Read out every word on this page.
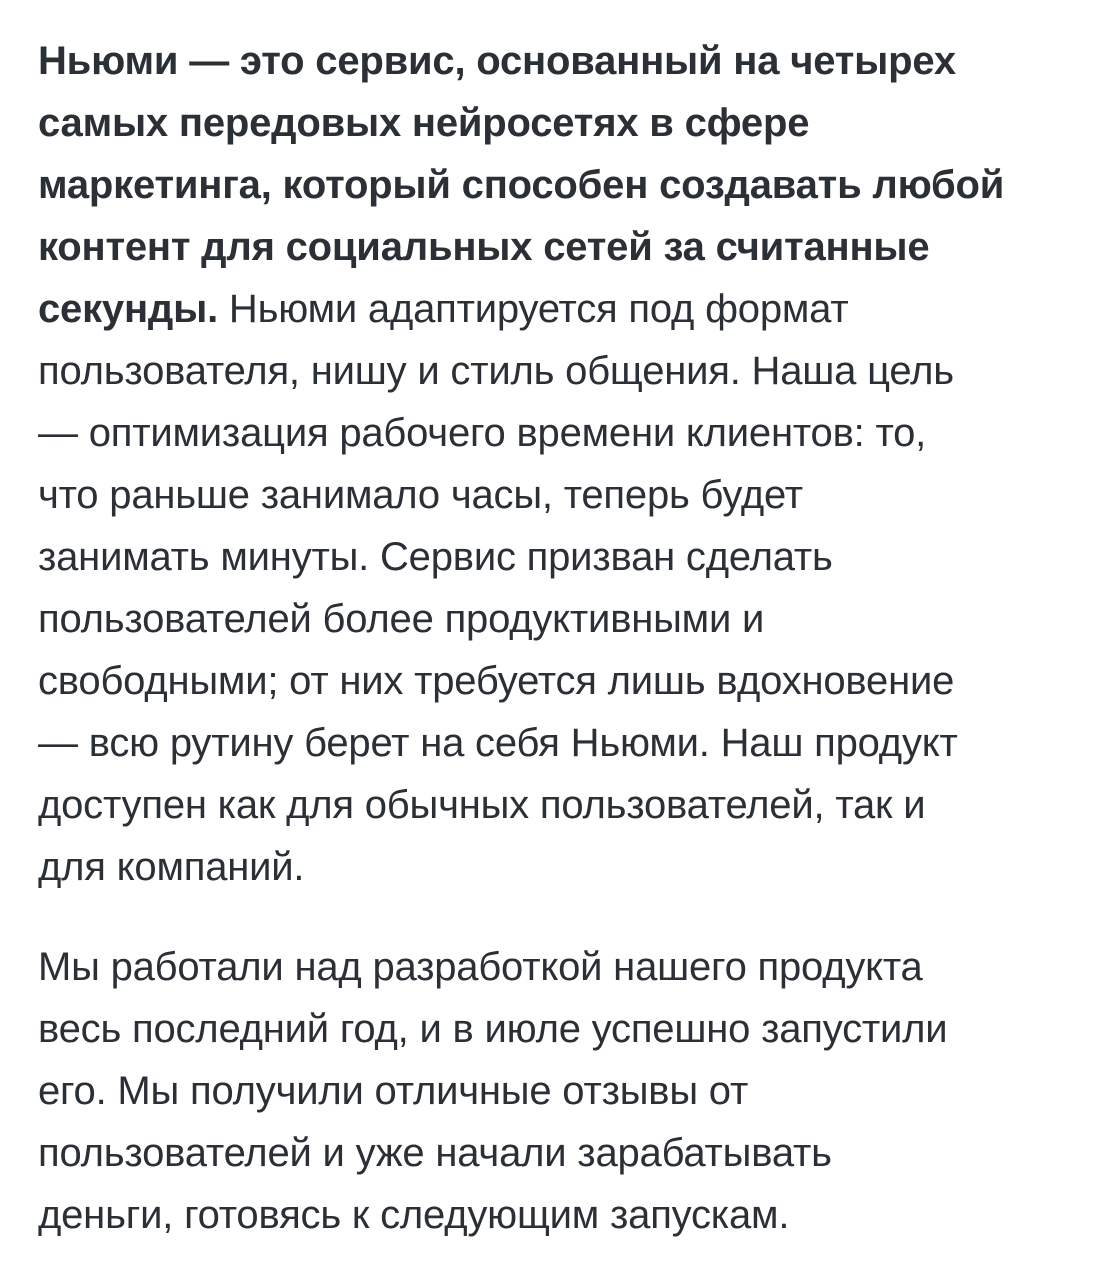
Ньюми — это сервис, основанный на четырех
самых передовых нейросетях в сфере
маркетинга, который способен создавать любой
контент для социальных сетей за считанные
секунды. Ньюми адаптируется под формат
пользователя, нишу и стиль общения. Наша цель
— оптимизация рабочего времени клиентов: то,
что раньше занимало часы, теперь будет
занимать минуты. Сервис призван сделать
пользователей более продуктивными и
свободными; от них требуется лишь вдохновение
— всю рутину берет на себя Ньюми. Наш продукт
доступен как для обычных пользователей, так и
для компаний.

Мы работали над разработкой нашего продукта
весь последний год, и в июле успешно запустили
его. Мы получили отличные отзывы от
пользователей и уже начали зарабатывать
деньги, готовясь к следующим запускам.
